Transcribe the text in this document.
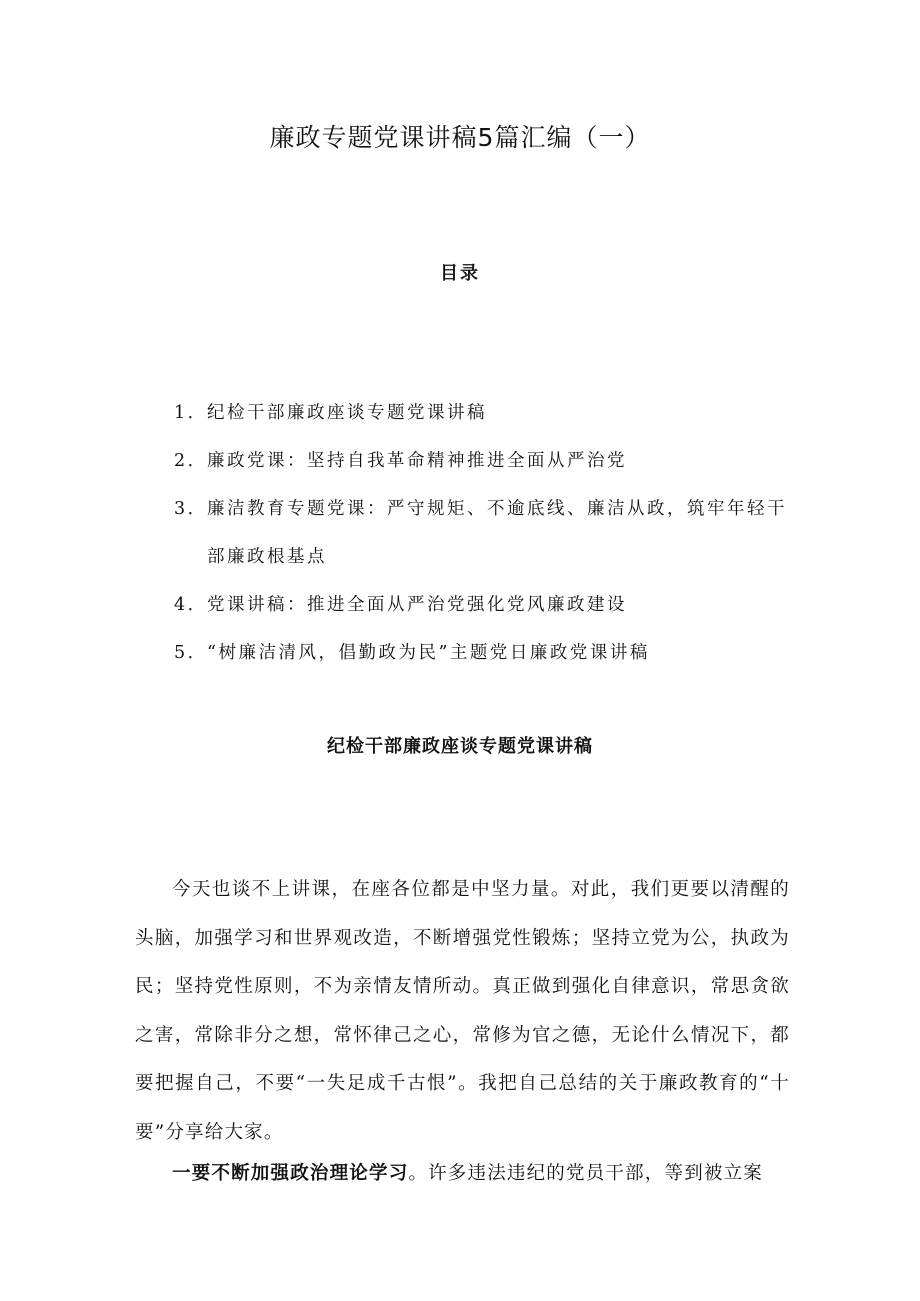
廉政专题党课讲稿5篇汇编（一）
目录
1．纪检干部廉政座谈专题党课讲稿
2．廉政党课：坚持自我革命精神推进全面从严治党
3．廉洁教育专题党课：严守规矩、不逾底线、廉洁从政，筑牢年轻干部廉政根基点
4．党课讲稿：推进全面从严治党强化党风廉政建设
5．“树廉洁清风，倡勤政为民”主题党日廉政党课讲稿
纪检干部廉政座谈专题党课讲稿

今天也谈不上讲课，在座各位都是中坚力量。对此，我们更要以清醒的头脑，加强学习和世界观改造，不断增强党性锻炼；坚持立党为公，执政为民；坚持党性原则，不为亲情友情所动。真正做到强化自律意识，常思贪欲之害，常除非分之想，常怀律己之心，常修为官之德，无论什么情况下，都要把握自己，不要“一失足成千古恨”。我把自己总结的关于廉政教育的“十要”分享给大家。

一要不断加强政治理论学习。许多违法违纪的党员干部，等到被立案
